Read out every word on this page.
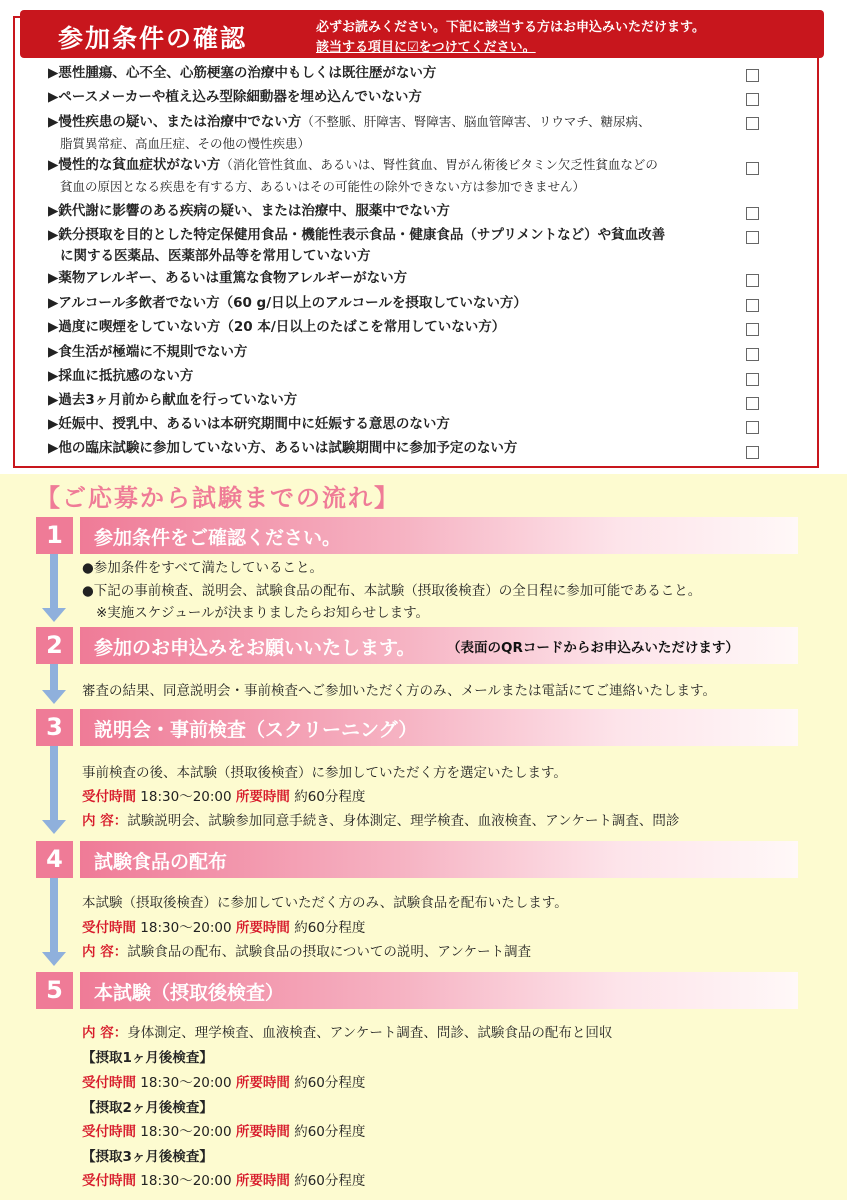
参加条件の確認	必ずお読みください。下記に該当する方はお申込みいただけます。
該当する項目に☑をつけてください。
▶悪性腫瘍、心不全、心筋梗塞の治療中もしくは既往歴がない方
▶ペースメーカーや植え込み型除細動器を埋め込んでいない方
▶慢性疾患の疑い、または治療中でない方（不整脈、肝障害、腎障害、脳血管障害、リウマチ、糖尿病、
脂質異常症、高血圧症、その他の慢性疾患）
▶慢性的な貧血症状がない方（消化管性貧血、あるいは、腎性貧血、胃がん術後ビタミン欠乏性貧血などの
貧血の原因となる疾患を有する方、あるいはその可能性の除外できない方は参加できません）
▶鉄代謝に影響のある疾病の疑い、または治療中、服薬中でない方
▶鉄分摂取を目的とした特定保健用食品・機能性表示食品・健康食品（サプリメントなど）や貧血改善
に関する医薬品、医薬部外品等を常用していない方
▶薬物アレルギー、あるいは重篤な食物アレルギーがない方
▶アルコール多飲者でない方（60 g/日以上のアルコールを摂取していない方）
▶過度に喫煙をしていない方（20 本/日以上のたばこを常用していない方）
▶食生活が極端に不規則でない方
▶採血に抵抗感のない方
▶過去3ヶ月前から献血を行っていない方
▶妊娠中、授乳中、あるいは本研究期間中に妊娠する意思のない方
▶他の臨床試験に参加していない方、あるいは試験期間中に参加予定のない方
【ご応募から試験までの流れ】
1	参加条件をご確認ください。
●参加条件をすべて満たしていること。
●下記の事前検査、説明会、試験食品の配布、本試験（摂取後検査）の全日程に参加可能であること。
※実施スケジュールが決まりましたらお知らせします。
2	参加のお申込みをお願いいたします。 （表面のQRコードからお申込みいただけます）
審査の結果、同意説明会・事前検査へご参加いただく方のみ、メールまたは電話にてご連絡いたします。
3	説明会・事前検査（スクリーニング）
事前検査の後、本試験（摂取後検査）に参加していただく方を選定いたします。
受付時間 18:30～20:00 所要時間 約60分程度
内 容：試験説明会、試験参加同意手続き、身体測定、理学検査、血液検査、アンケート調査、問診
4	試験食品の配布
本試験（摂取後検査）に参加していただく方のみ、試験食品を配布いたします。
受付時間 18:30～20:00 所要時間 約60分程度
内 容：試験食品の配布、試験食品の摂取についての説明、アンケート調査
5	本試験（摂取後検査）
内 容：身体測定、理学検査、血液検査、アンケート調査、問診、試験食品の配布と回収
【摂取1ヶ月後検査】
受付時間 18:30～20:00 所要時間 約60分程度
【摂取2ヶ月後検査】
受付時間 18:30～20:00 所要時間 約60分程度
【摂取3ヶ月後検査】
受付時間 18:30～20:00 所要時間 約60分程度
